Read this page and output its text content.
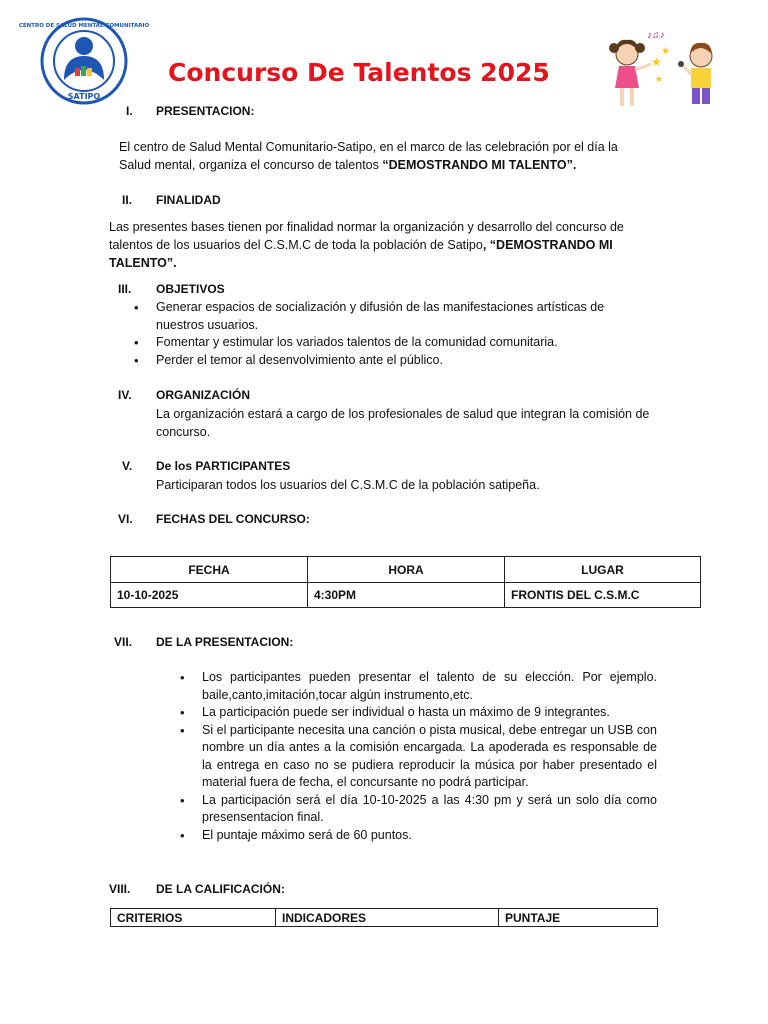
CENTRO DE SALUD MENTAL COMUNITARIO
SATIPO
Concurso De Talentos 2025
♪♫♪
★
★
★
I. PRESENTACION:
El centro de Salud Mental Comunitario-Satipo, en el marco de las celebración por el día la
Salud mental, organiza el concurso de talentos “DEMOSTRANDO MI TALENTO”.
II. FINALIDAD
Las presentes bases tienen por finalidad normar la organización y desarrollo del concurso de
talentos de los usuarios del C.S.M.C de toda la población de Satipo, “DEMOSTRANDO MI
TALENTO”.
III. OBJETIVOS
• Generar espacios de socialización y difusión de las manifestaciones artísticas de nuestros usuarios.
• Fomentar y estimular los variados talentos de la comunidad comunitaria.
• Perder el temor al desenvolvimiento ante el público.
IV. ORGANIZACIÓN
La organización estará a cargo de los profesionales de salud que integran la comisión de concurso.
V. De los PARTICIPANTES
Participaran todos los usuarios del C.S.M.C de la población satipeña.
VI. FECHAS DEL CONCURSO:
FECHA	HORA	LUGAR
10-10-2025	4:30PM	FRONTIS DEL C.S.M.C
VII. DE LA PRESENTACION:
• Los participantes pueden presentar el talento de su elección. Por ejemplo. baile,canto,imitación,tocar algún instrumento,etc.
• La participación puede ser individual o hasta un máximo de 9 integrantes.
• Si el participante necesita una canción o pista musical, debe entregar un USB con nombre un día antes a la comisión encargada. La apoderada es responsable de la entrega en caso no se pudiera reproducir la música por haber presentado el material fuera de fecha, el concursante no podrá participar.
• La participación será el día 10-10-2025 a las 4:30 pm y será un solo día como presensentacion final.
• El puntaje máximo será de 60 puntos.
VIII. DE LA CALIFICACIÓN:
CRITERIOS	INDICADORES	PUNTAJE
